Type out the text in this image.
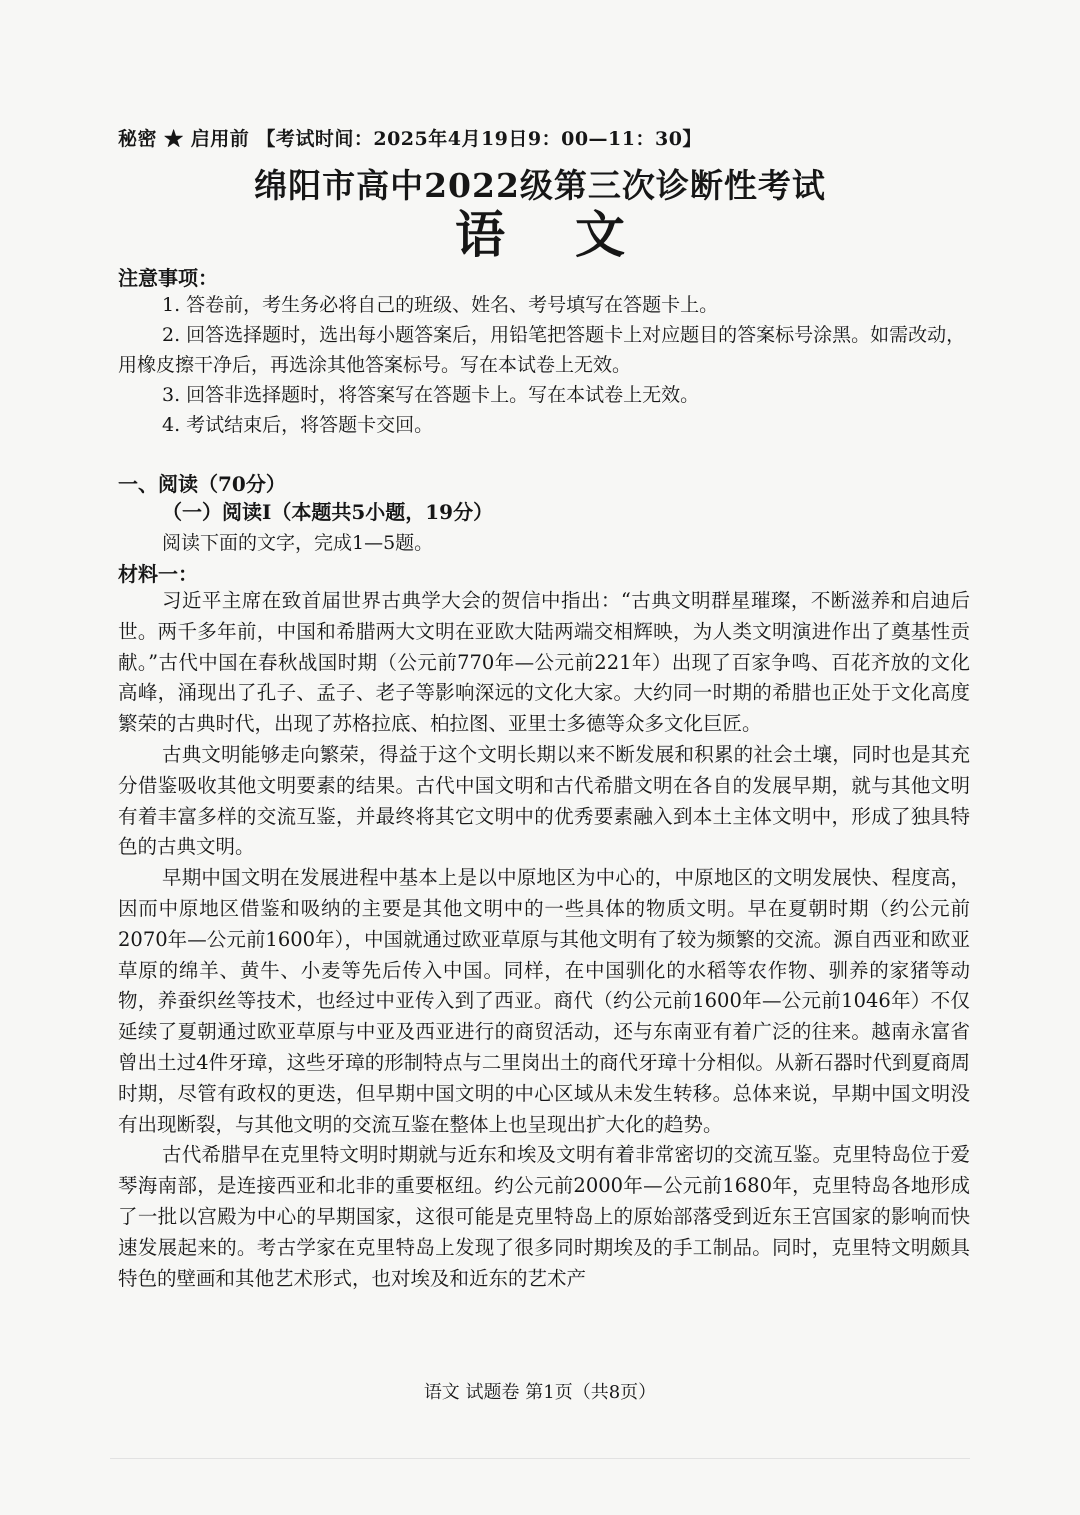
秘密 ★ 启用前 【考试时间：2025年4月19日9：00—11：30】
绵阳市高中2022级第三次诊断性考试
语文
注意事项：

1. 答卷前，考生务必将自己的班级、姓名、考号填写在答题卡上。

2. 回答选择题时，选出每小题答案后，用铅笔把答题卡上对应题目的答案标号涂黑。如需改动，用橡皮擦干净后，再选涂其他答案标号。写在本试卷上无效。

3. 回答非选择题时，将答案写在答题卡上。写在本试卷上无效。

4. 考试结束后，将答题卡交回。

一、阅读（70分）
（一）阅读Ⅰ（本题共5小题，19分）
阅读下面的文字，完成1—5题。
材料一：

习近平主席在致首届世界古典学大会的贺信中指出：“古典文明群星璀璨，不断滋养和启迪后世。两千多年前，中国和希腊两大文明在亚欧大陆两端交相辉映，为人类文明演进作出了奠基性贡献。”古代中国在春秋战国时期（公元前770年—公元前221年）出现了百家争鸣、百花齐放的文化高峰，涌现出了孔子、孟子、老子等影响深远的文化大家。大约同一时期的希腊也正处于文化高度繁荣的古典时代，出现了苏格拉底、柏拉图、亚里士多德等众多文化巨匠。

古典文明能够走向繁荣，得益于这个文明长期以来不断发展和积累的社会土壤，同时也是其充分借鉴吸收其他文明要素的结果。古代中国文明和古代希腊文明在各自的发展早期，就与其他文明有着丰富多样的交流互鉴，并最终将其它文明中的优秀要素融入到本土主体文明中，形成了独具特色的古典文明。

早期中国文明在发展进程中基本上是以中原地区为中心的，中原地区的文明发展快、程度高，因而中原地区借鉴和吸纳的主要是其他文明中的一些具体的物质文明。早在夏朝时期（约公元前2070年—公元前1600年），中国就通过欧亚草原与其他文明有了较为频繁的交流。源自西亚和欧亚草原的绵羊、黄牛、小麦等先后传入中国。同样，在中国驯化的水稻等农作物、驯养的家猪等动物，养蚕织丝等技术，也经过中亚传入到了西亚。商代（约公元前1600年—公元前1046年）不仅延续了夏朝通过欧亚草原与中亚及西亚进行的商贸活动，还与东南亚有着广泛的往来。越南永富省曾出土过4件牙璋，这些牙璋的形制特点与二里岗出土的商代牙璋十分相似。从新石器时代到夏商周时期，尽管有政权的更迭，但早期中国文明的中心区域从未发生转移。总体来说，早期中国文明没有出现断裂，与其他文明的交流互鉴在整体上也呈现出扩大化的趋势。

古代希腊早在克里特文明时期就与近东和埃及文明有着非常密切的交流互鉴。克里特岛位于爱琴海南部，是连接西亚和北非的重要枢纽。约公元前2000年—公元前1680年，克里特岛各地形成了一批以宫殿为中心的早期国家，这很可能是克里特岛上的原始部落受到近东王宫国家的影响而快速发展起来的。考古学家在克里特岛上发现了很多同时期埃及的手工制品。同时，克里特文明颇具特色的壁画和其他艺术形式，也对埃及和近东的艺术产

语文 试题卷 第1页（共8页）
